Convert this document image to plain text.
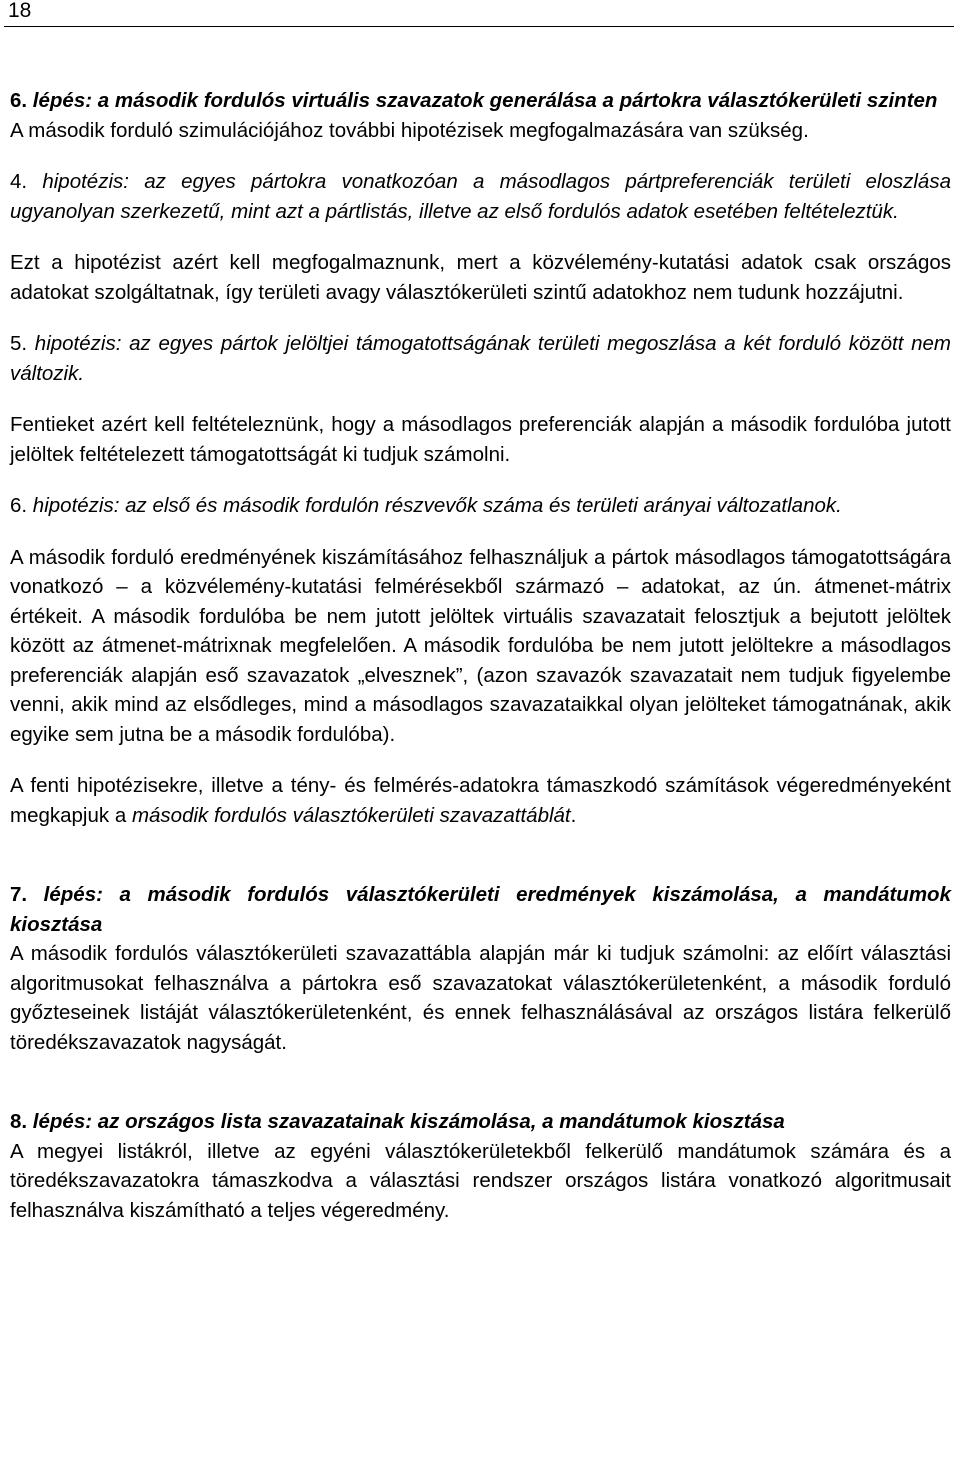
18

6. lépés: a második fordulós virtuális szavazatok generálása a pártokra választókerületi szinten

A második forduló szimulációjához további hipotézisek megfogalmazására van szükség.

4. hipotézis: az egyes pártokra vonatkozóan a másodlagos pártpreferenciák területi eloszlása ugyanolyan szerkezetű, mint azt a pártlistás, illetve az első fordulós adatok esetében feltételeztük.

Ezt a hipotézist azért kell megfogalmaznunk, mert a közvélemény-kutatási adatok csak országos adatokat szolgáltatnak, így területi avagy választókerületi szintű adatokhoz nem tudunk hozzájutni.

5. hipotézis: az egyes pártok jelöltjei támogatottságának területi megoszlása a két forduló között nem változik.

Fentieket azért kell feltételeznünk, hogy a másodlagos preferenciák alapján a második fordulóba jutott jelöltek feltételezett támogatottságát ki tudjuk számolni.

6. hipotézis: az első és második fordulón részvevők száma és területi arányai változatlanok.

A második forduló eredményének kiszámításához felhasználjuk a pártok másodlagos támogatottságára vonatkozó – a közvélemény-kutatási felmérésekből származó – adatokat, az ún. átmenet-mátrix értékeit. A második fordulóba be nem jutott jelöltek virtuális szavazatait felosztjuk a bejutott jelöltek között az átmenet-mátrixnak megfelelően. A második fordulóba be nem jutott jelöltekre a másodlagos preferenciák alapján eső szavazatok „elvesznek”, (azon szavazók szavazatait nem tudjuk figyelembe venni, akik mind az elsődleges, mind a másodlagos szavazataikkal olyan jelölteket támogatnának, akik egyike sem jutna be a második fordulóba).

A fenti hipotézisekre, illetve a tény- és felmérés-adatokra támaszkodó számítások végeredményeként megkapjuk a második fordulós választókerületi szavazattáblát.

7. lépés: a második fordulós választókerületi eredmények kiszámolása, a mandátumok kiosztása

A második fordulós választókerületi szavazattábla alapján már ki tudjuk számolni: az előírt választási algoritmusokat felhasználva a pártokra eső szavazatokat választókerületenként, a második forduló győzteseinek listáját választókerületenként, és ennek felhasználásával az országos listára felkerülő töredékszavazatok nagyságát.

8. lépés: az országos lista szavazatainak kiszámolása, a mandátumok kiosztása

A megyei listákról, illetve az egyéni választókerületekből felkerülő mandátumok számára és a töredékszavazatokra támaszkodva a választási rendszer országos listára vonatkozó algoritmusait felhasználva kiszámítható a teljes végeredmény.
